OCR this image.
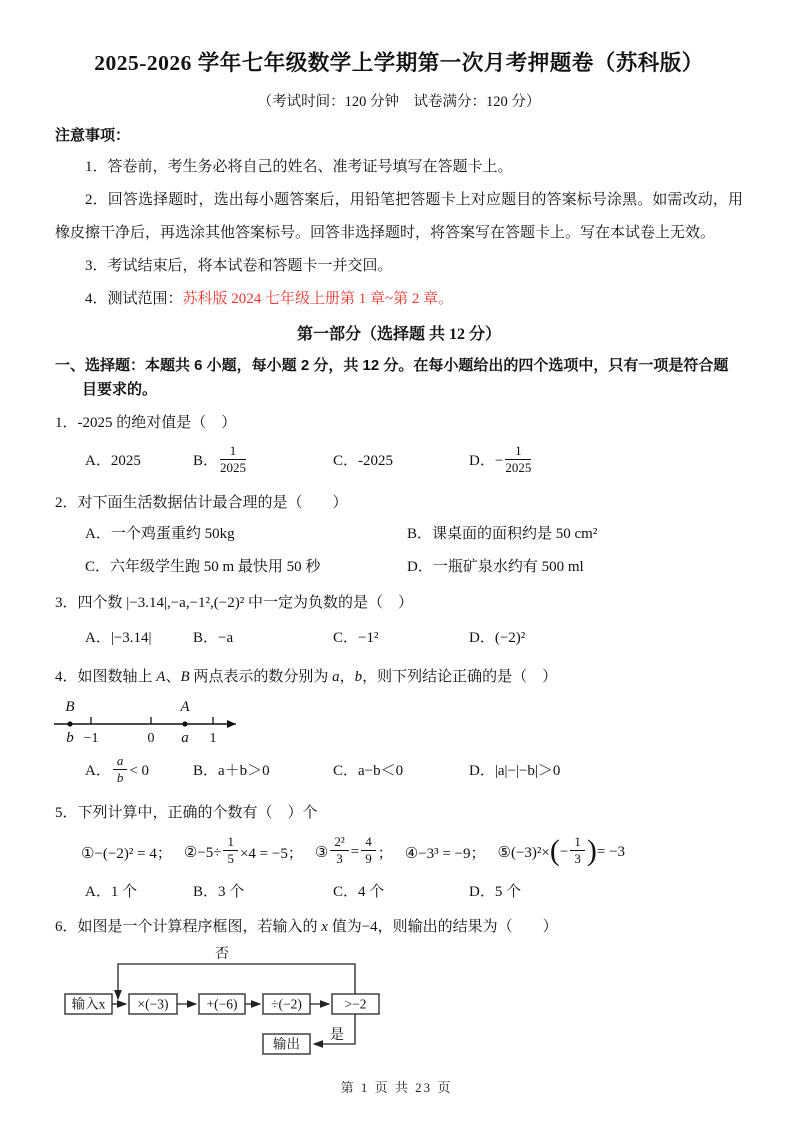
2025-2026 学年七年级数学上学期第一次月考押题卷（苏科版）
（考试时间：120 分钟　试卷满分：120 分）
注意事项：

1．答卷前，考生务必将自己的姓名、准考证号填写在答题卡上。

2．回答选择题时，选出每小题答案后，用铅笔把答题卡上对应题目的答案标号涂黑。如需改动，用橡皮擦干净后，再选涂其他答案标号。回答非选择题时，将答案写在答题卡上。写在本试卷上无效。

3．考试结束后，将本试卷和答题卡一并交回。

4．测试范围：苏科版 2024 七年级上册第 1 章~第 2 章。

第一部分（选择题 共 12 分）

一、选择题：本题共 6 小题，每小题 2 分，共 12 分。在每小题给出的四个选项中，只有一项是符合题目要求的。

1．-2025 的绝对值是（　）
A．2025	B． $\frac{1}{2025}$	C．-2025	D．− $\frac{1}{2025}$
2．对下面生活数据估计最合理的是（　　）
A．一个鸡蛋重约 50kg	B．课桌面的面积约是 50 cm²
C．六年级学生跑 50 m 最快用 50 秒	D．一瓶矿泉水约有 500 ml
3．四个数 |−3.14|,−a,−1²,(−2)² 中一定为负数的是（　）
A．|−3.14|	B．−a	C．−1²	D．(−2)²
4．如图数轴上 A、B 两点表示的数分别为 a，b，则下列结论正确的是（　）
B	A
b −1	0 a 1
A． $\frac{a}{b} < 0$	B．a＋b＞0	C．a−b＜0	D．|a|−|−b|＞0
5．下列计算中，正确的个数有（　）个
①−(−2)² = 4； ②−5÷ $\frac{1}{5} \times 4 = -5$； ③ $\frac{\text{2²}}{3} = \frac{4}{9}$ ； ④−3³ = −9； ⑤(−3)²× ( − $\frac{1}{3}$ ) = −3
A．1 个	B．3 个	C．4 个	D．5 个
6．如图是一个计算程序框图，若输入的 x 值为−4，则输出的结果为（　　）
输入x ×(−3)	+(−6) ÷(−2)	>−2
输出
否
是
第 1 页 共 23 页
